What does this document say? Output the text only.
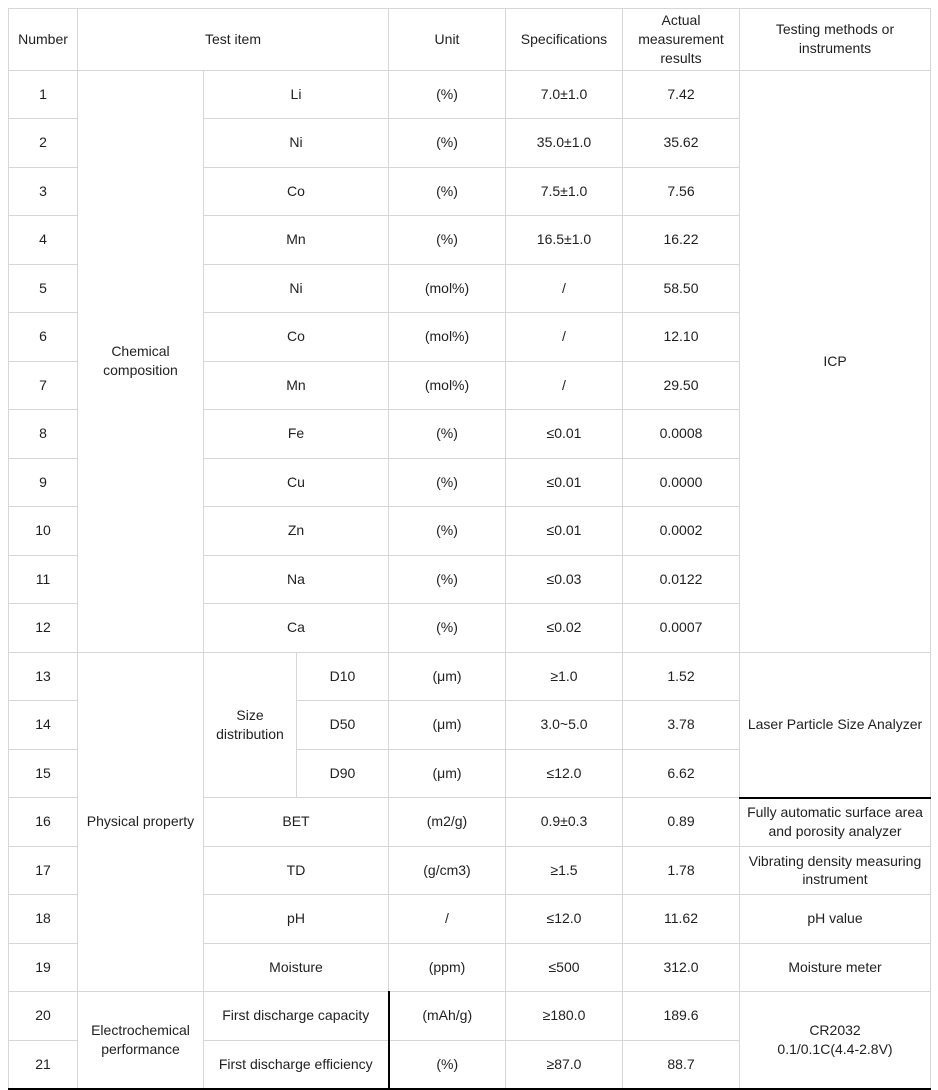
Number	Test item			Unit	Specifications	Actual measurement results	Testing methods or instruments
1	Chemical composition	Li		(%)	7.0±1.0	7.42	ICP
2		Ni		(%)	35.0±1.0	35.62	
3		Co		(%)	7.5±1.0	7.56	
4		Mn		(%)	16.5±1.0	16.22	
5		Ni		(mol%)	/	58.50	
6		Co		(mol%)	/	12.10	
7		Mn		(mol%)	/	29.50	
8		Fe		(%)	≤0.01	0.0008	
9		Cu		(%)	≤0.01	0.0000	
10		Zn		(%)	≤0.01	0.0002	
11		Na		(%)	≤0.03	0.0122	
12		Ca		(%)	≤0.02	0.0007	
13	Physical property	Size distribution	D10	(μm)	≥1.0	1.52	Laser Particle Size Analyzer
14			D50	(μm)	3.0~5.0	3.78	
15			D90	(μm)	≤12.0	6.62	
16		BET		(m2/g)	0.9±0.3	0.89	Fully automatic surface area and porosity analyzer
17		TD		(g/cm3)	≥1.5	1.78	Vibrating density measuring instrument
18		pH		/	≤12.0	11.62	pH value
19		Moisture		(ppm)	≤500	312.0	Moisture meter
20	Electrochemical performance	First discharge capacity		(mAh/g)	≥180.0	189.6	CR2032
0.1/0.1C(4.4-2.8V)

21		First discharge efficiency		(%)	≥87.0	88.7	
